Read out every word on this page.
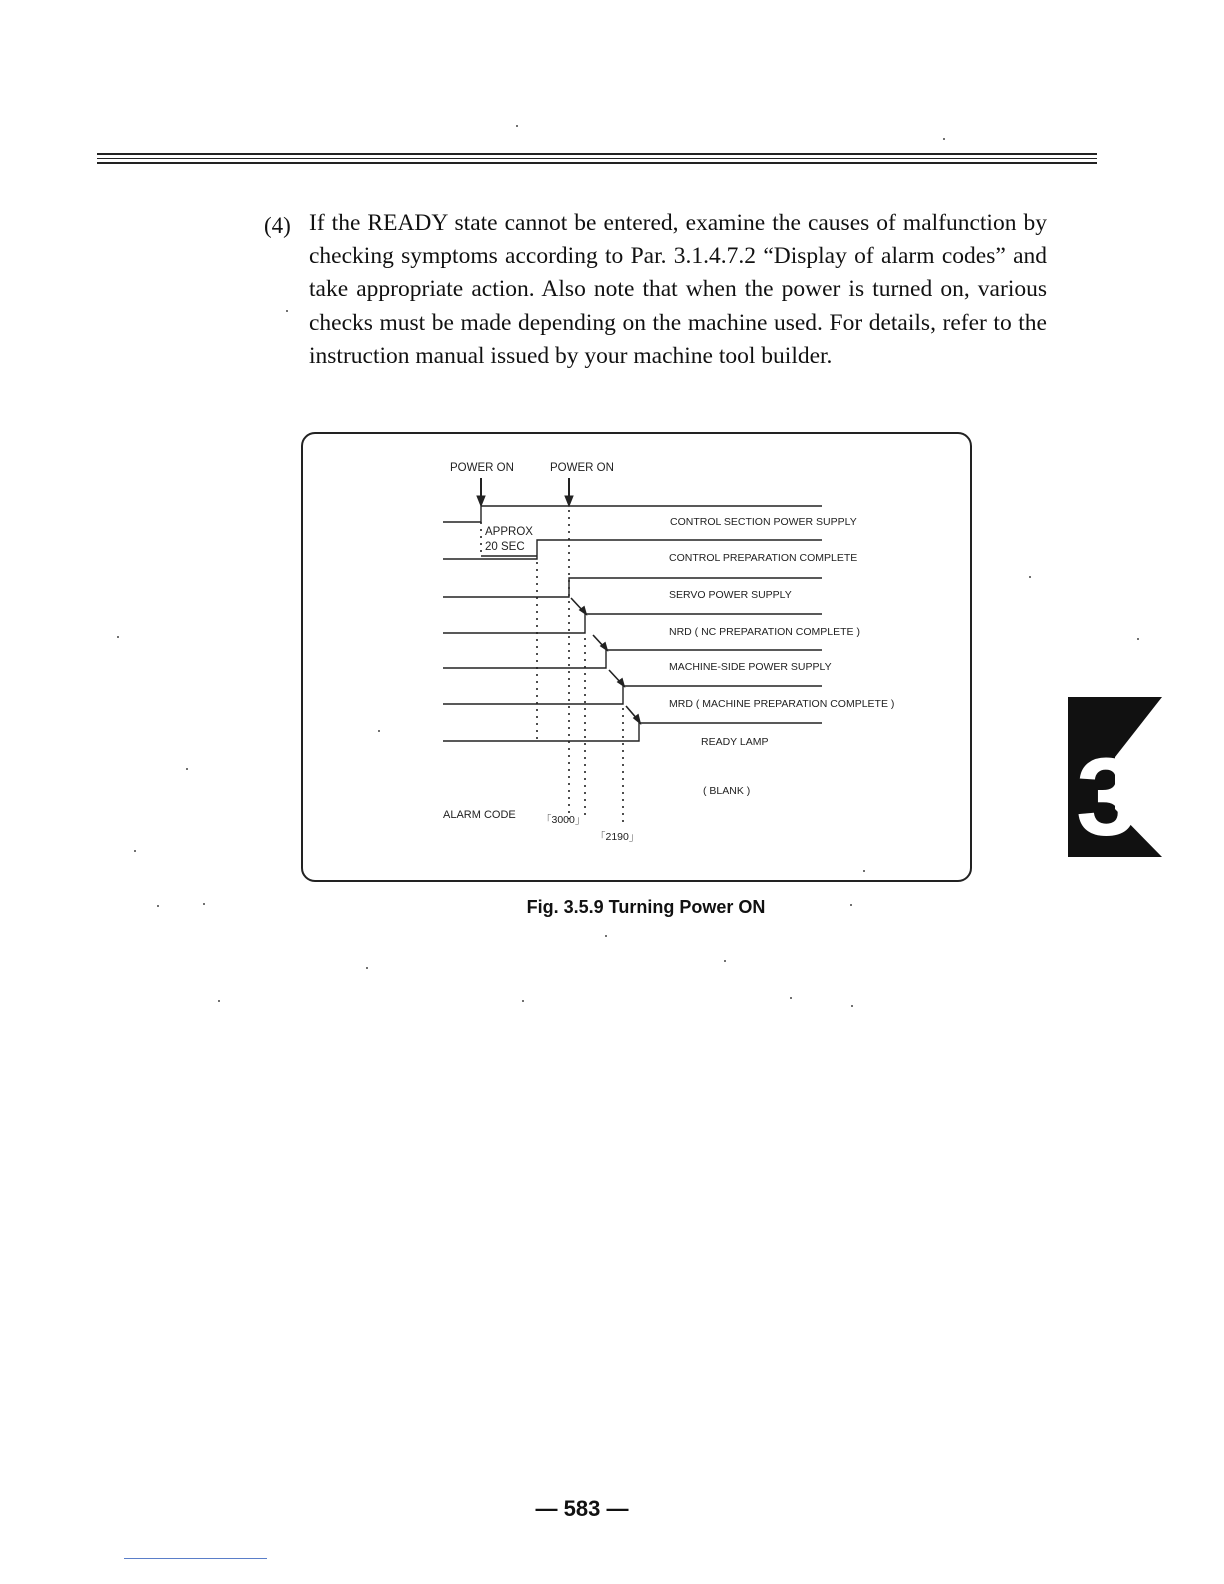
(4) If the READY state cannot be entered, examine the causes of malfunction by checking symptoms according to Par. 3.1.4.7.2 “Display of alarm codes” and take appropriate action. Also note that when the power is turned on, various checks must be made depending on the machine used. For details, refer to the instruction manual issued by your machine tool builder.

POWER ON	POWER ON
APPROX
20 SEC
CONTROL SECTION POWER SUPPLY
CONTROL PREPARATION COMPLETE
SERVO POWER SUPPLY
NRD ( NC PREPARATION COMPLETE )
MACHINE-SIDE POWER SUPPLY
MRD ( MACHINE PREPARATION COMPLETE )
READY LAMP
( BLANK )
ALARM CODE 「3000」
「2190」
Fig. 3.5.9 Turning Power ON
3
— 583 —
